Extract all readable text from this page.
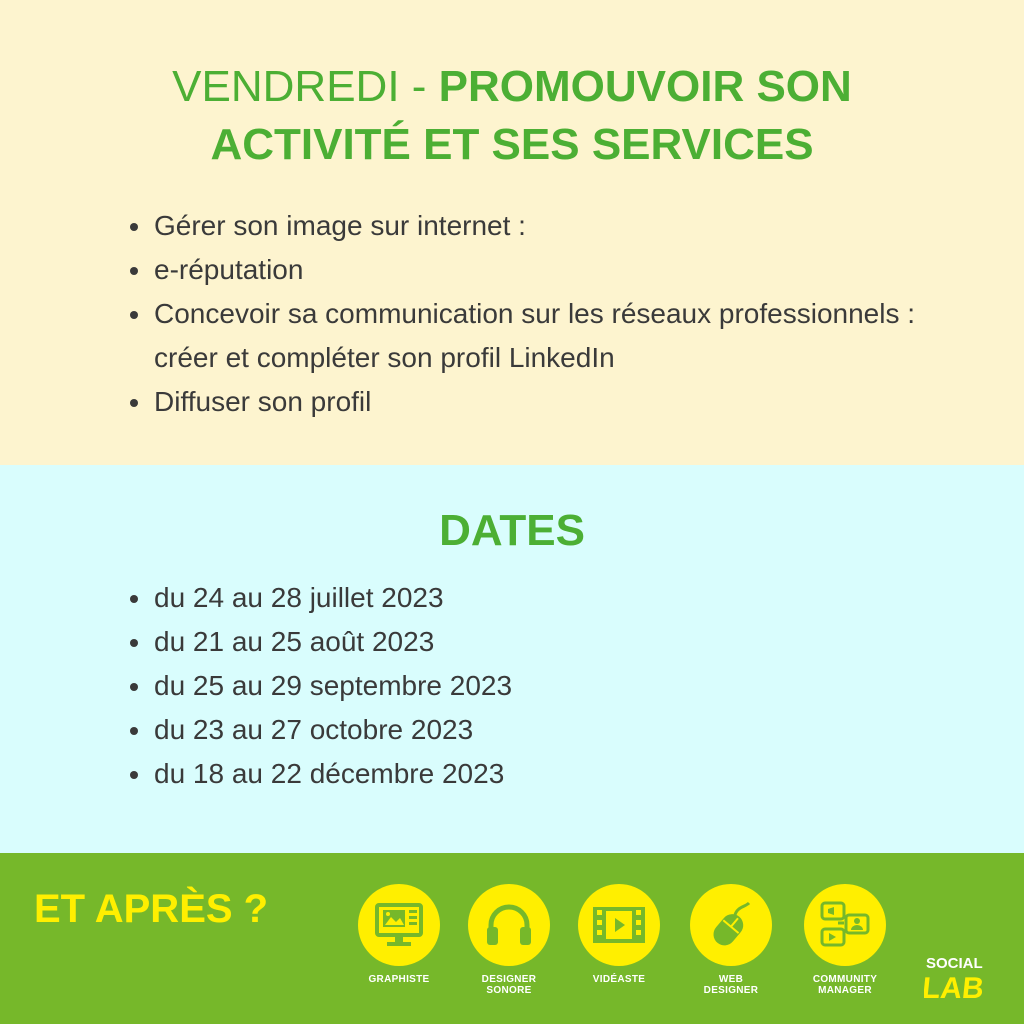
VENDREDI - PROMOUVOIR SON ACTIVITÉ ET SES SERVICES
Gérer son image sur internet :
e-réputation
Concevoir sa communication sur les réseaux professionnels : créer et compléter son profil LinkedIn
Diffuser son profil
DATES
du 24 au 28 juillet 2023
du 21 au 25 août 2023
du 25 au 29 septembre 2023
du 23 au 27 octobre 2023
du 18 au 22 décembre 2023
ET APRÈS ?
GRAPHISTE	DESIGNER SONORE
VIDÉASTE	WEB DESIGNER
COMMUNITY MANAGER
SOCIAL
LAB
